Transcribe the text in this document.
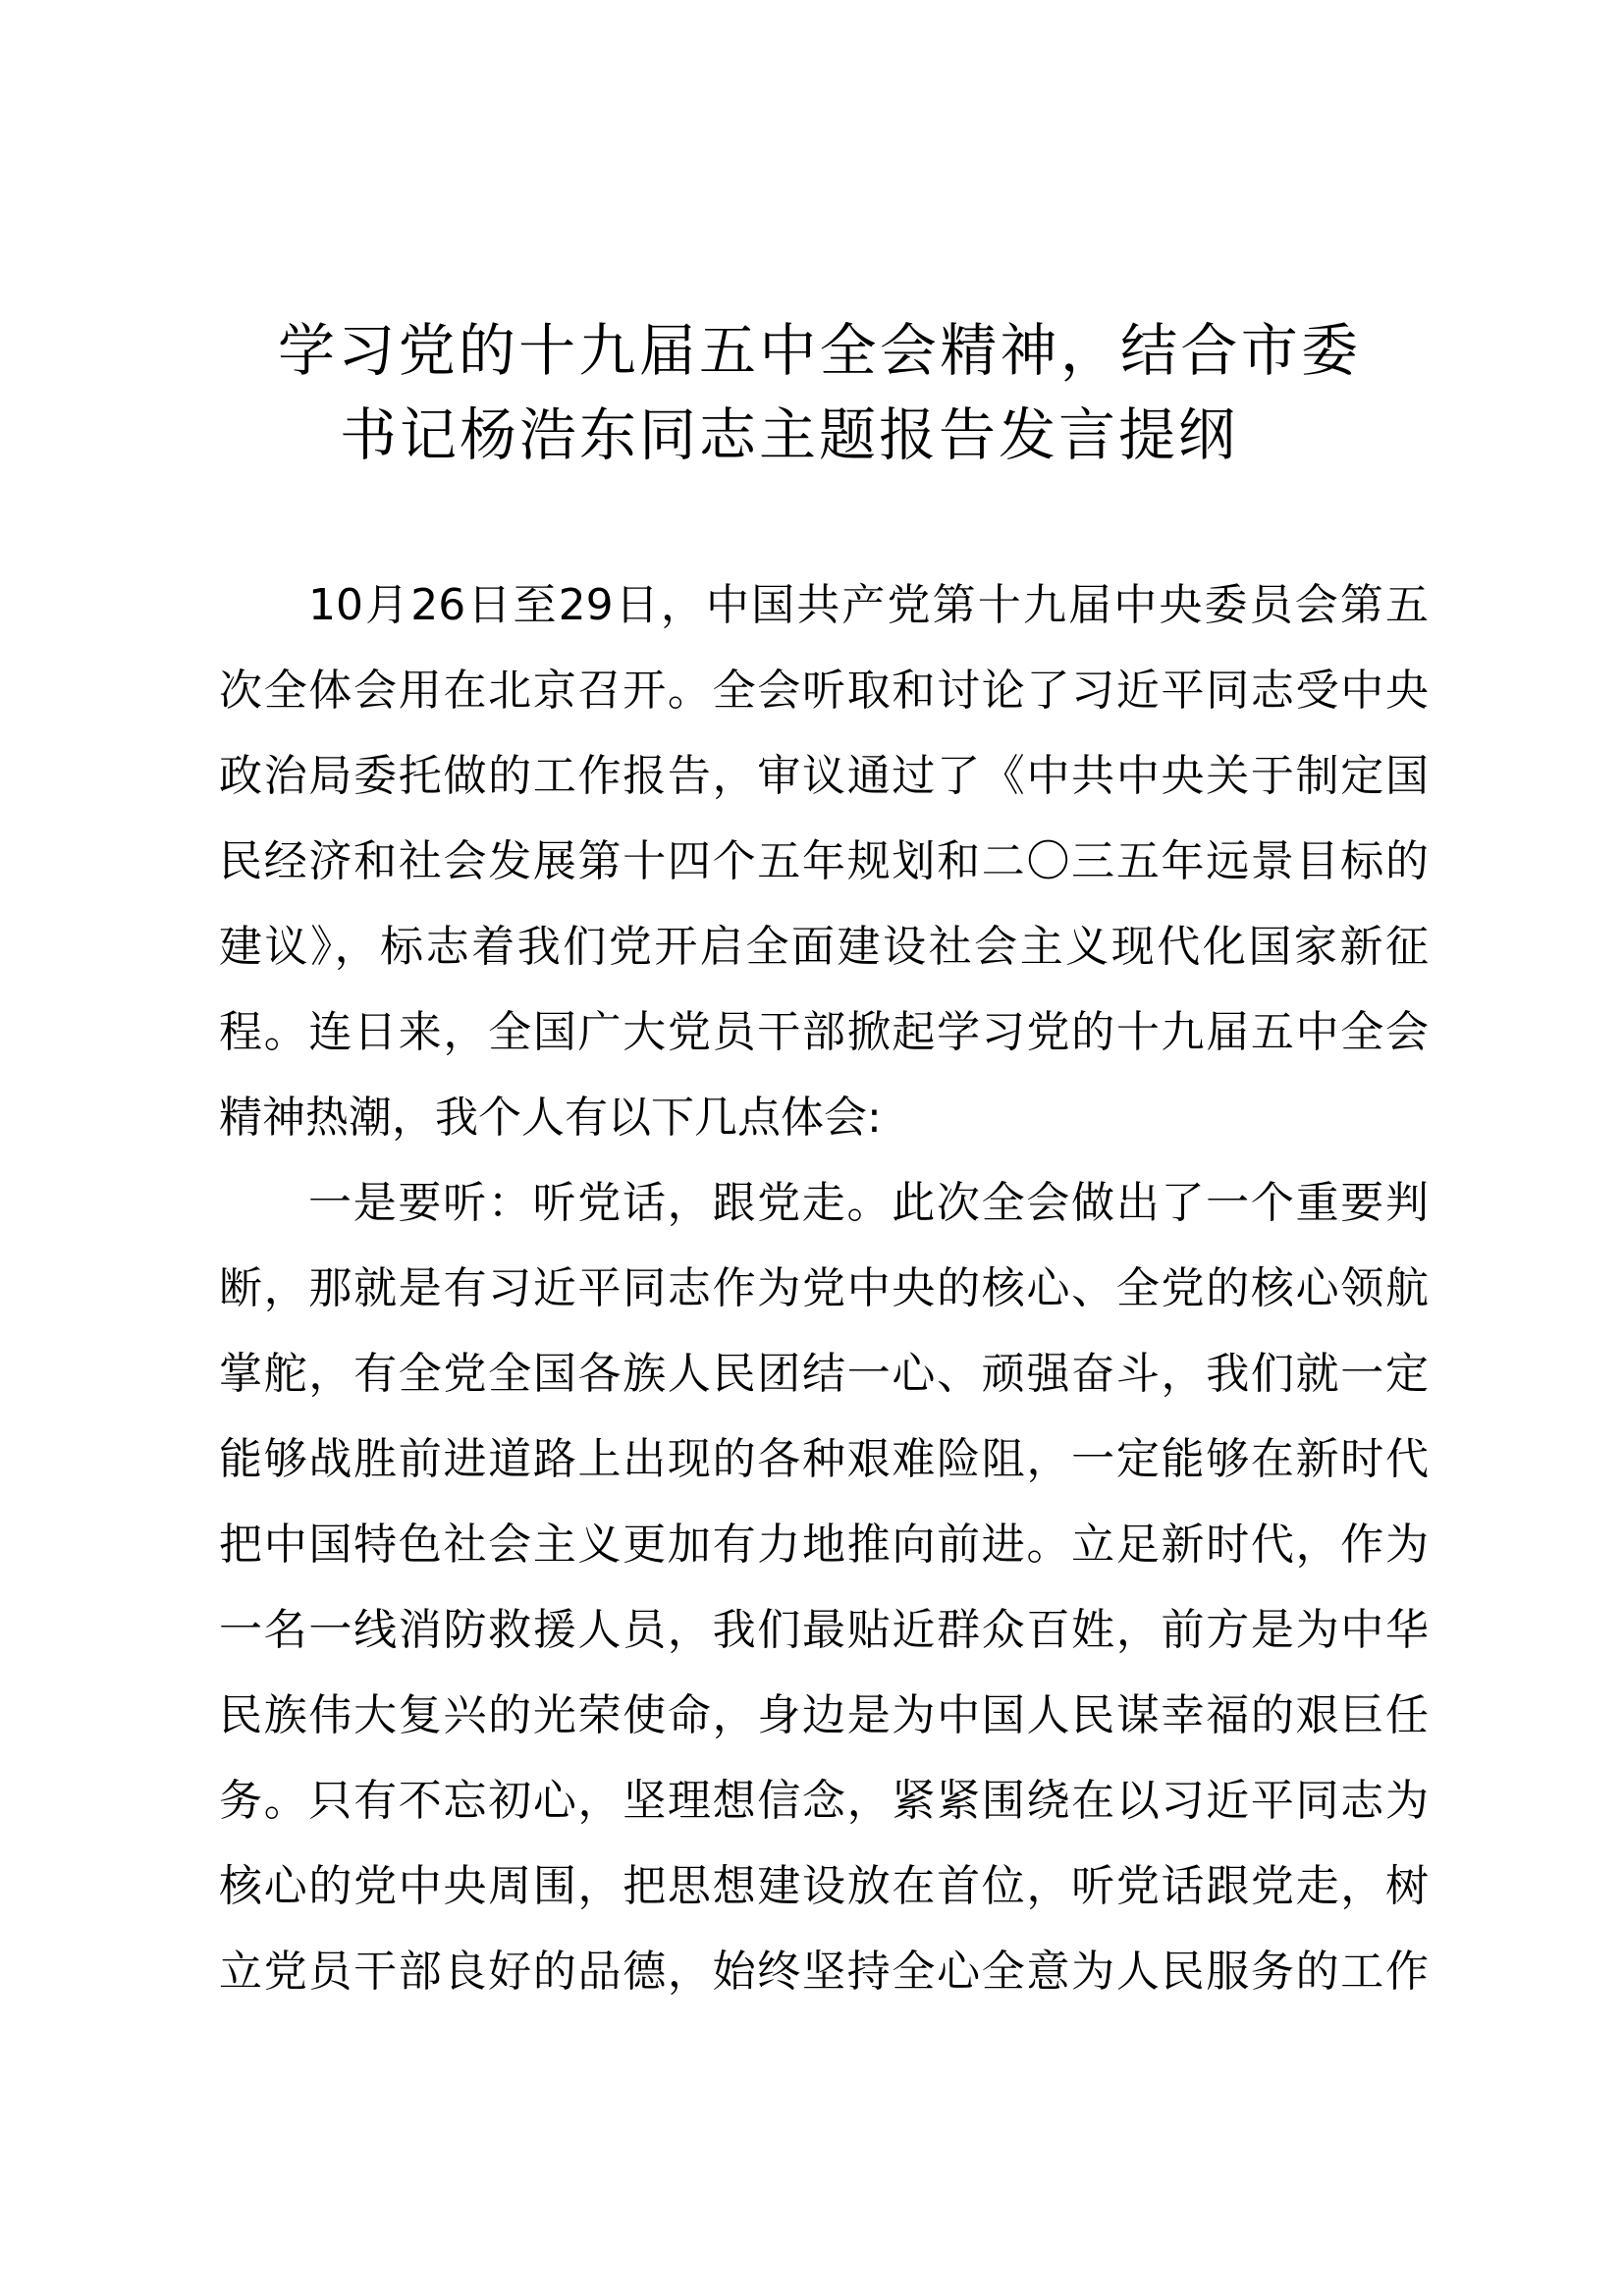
学习党的十九届五中全会精神，结合市委
书记杨浩东同志主题报告发言提纲
10月26日至29日，中国共产党第十九届中央委员会第五
次全体会用在北京召开。全会听取和讨论了习近平同志受中央
政治局委托做的工作报告，审议通过了《中共中央关于制定国
民经济和社会发展第十四个五年规划和二〇三五年远景目标的
建议》，标志着我们党开启全面建设社会主义现代化国家新征
程。连日来，全国广大党员干部掀起学习党的十九届五中全会
精神热潮，我个人有以下几点体会:
一是要听：听党话，跟党走。此次全会做出了一个重要判
断，那就是有习近平同志作为党中央的核心、全党的核心领航
掌舵，有全党全国各族人民团结一心、顽强奋斗，我们就一定
能够战胜前进道路上出现的各种艰难险阻，一定能够在新时代
把中国特色社会主义更加有力地推向前进。立足新时代，作为
一名一线消防救援人员，我们最贴近群众百姓，前方是为中华
民族伟大复兴的光荣使命，身边是为中国人民谋幸福的艰巨任
务。只有不忘初心，坚理想信念，紧紧围绕在以习近平同志为
核心的党中央周围，把思想建设放在首位，听党话跟党走，树
立党员干部良好的品德，始终坚持全心全意为人民服务的工作
